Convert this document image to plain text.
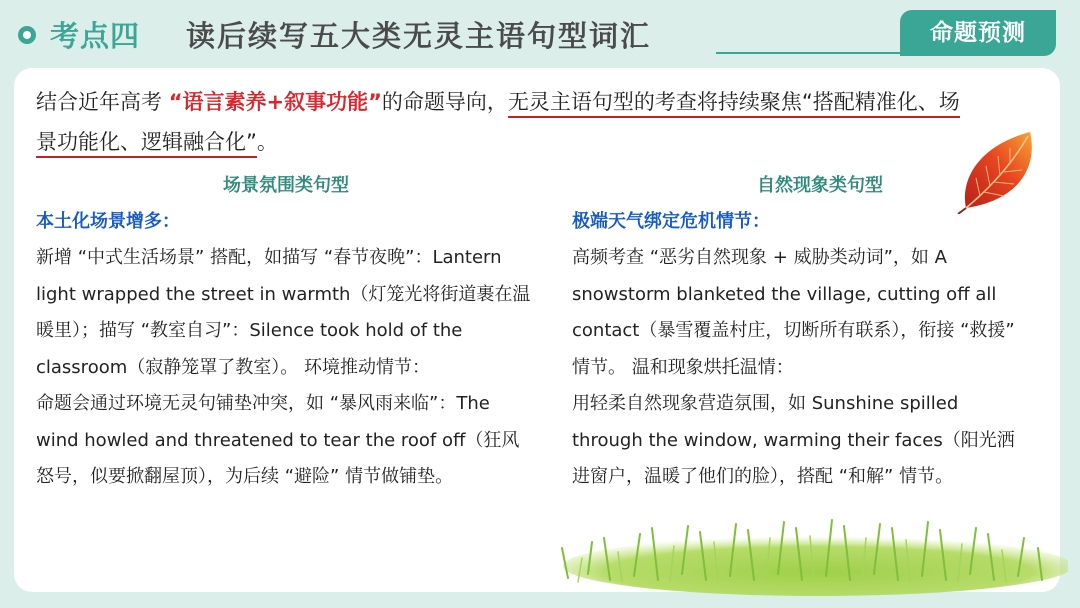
考点四 读后续写五大类无灵主语句型词汇	命题预测
结合近年高考 “语言素养+叙事功能”的命题导向，无灵主语句型的考查将持续聚焦“搭配精准化、场
景功能化、逻辑融合化”。
场景氛围类句型
本土化场景增多：
新增 “中式生活场景” 搭配，如描写 “春节夜晚”：Lantern light wrapped the street in warmth（灯笼光将街道裹在温暖里）；描写 “教室自习”：Silence took hold of the classroom（寂静笼罩了教室）。 环境推动情节：
命题会通过环境无灵句铺垫冲突，如 “暴风雨来临”：The wind howled and threatened to tear the roof off（狂风怒号，似要掀翻屋顶），为后续 “避险” 情节做铺垫。
自然现象类句型
极端天气绑定危机情节：
高频考查 “恶劣自然现象 + 威胁类动词”，如 A snowstorm blanketed the village, cutting off all contact（暴雪覆盖村庄，切断所有联系），衔接 “救援” 情节。 温和现象烘托温情：
用轻柔自然现象营造氛围，如 Sunshine spilled through the window, warming their faces（阳光洒进窗户，温暖了他们的脸），搭配 “和解” 情节。
